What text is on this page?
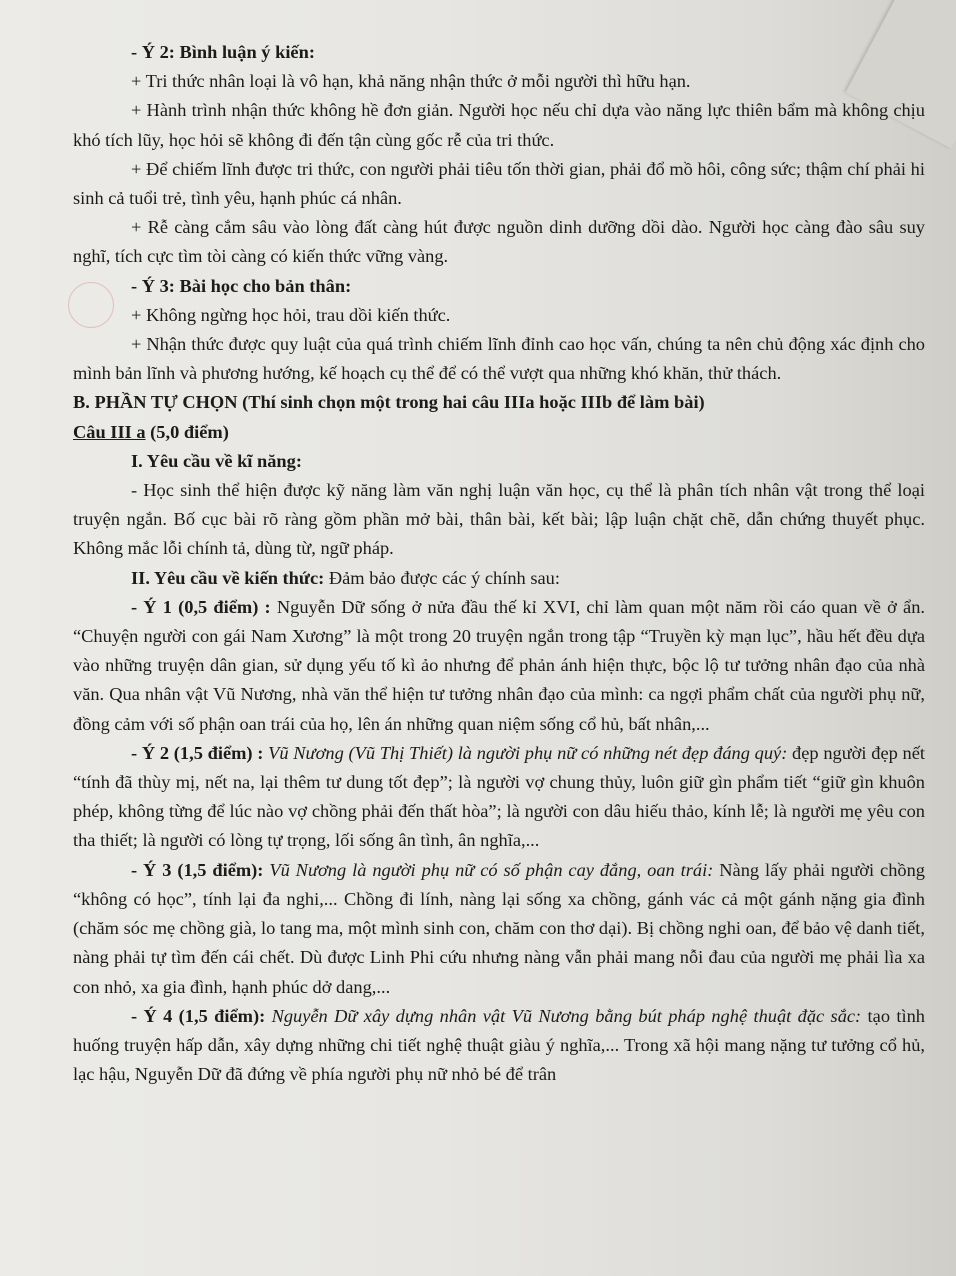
- Ý 2: Bình luận ý kiến:

+ Tri thức nhân loại là vô hạn, khả năng nhận thức ở mỗi người thì hữu hạn.

+ Hành trình nhận thức không hề đơn giản. Người học nếu chỉ dựa vào năng lực thiên bẩm mà không chịu khó tích lũy, học hỏi sẽ không đi đến tận cùng gốc rễ của tri thức.

+ Để chiếm lĩnh được tri thức, con người phải tiêu tốn thời gian, phải đổ mồ hôi, công sức; thậm chí phải hi sinh cả tuổi trẻ, tình yêu, hạnh phúc cá nhân.

+ Rễ càng cắm sâu vào lòng đất càng hút được nguồn dinh dưỡng dồi dào. Người học càng đào sâu suy nghĩ, tích cực tìm tòi càng có kiến thức vững vàng.

- Ý 3: Bài học cho bản thân:

+ Không ngừng học hỏi, trau dồi kiến thức.

+ Nhận thức được quy luật của quá trình chiếm lĩnh đỉnh cao học vấn, chúng ta nên chủ động xác định cho mình bản lĩnh và phương hướng, kế hoạch cụ thể để có thể vượt qua những khó khăn, thử thách.

B. PHẦN TỰ CHỌN (Thí sinh chọn một trong hai câu IIIa hoặc IIIb để làm bài)

Câu III a (5,0 điểm)

I. Yêu cầu về kĩ năng:

- Học sinh thể hiện được kỹ năng làm văn nghị luận văn học, cụ thể là phân tích nhân vật trong thể loại truyện ngắn. Bố cục bài rõ ràng gồm phần mở bài, thân bài, kết bài; lập luận chặt chẽ, dẫn chứng thuyết phục. Không mắc lỗi chính tả, dùng từ, ngữ pháp.

II. Yêu cầu về kiến thức: Đảm bảo được các ý chính sau:

- Ý 1 (0,5 điểm) : Nguyễn Dữ sống ở nửa đầu thế kỉ XVI, chỉ làm quan một năm rồi cáo quan về ở ẩn. “Chuyện người con gái Nam Xương” là một trong 20 truyện ngắn trong tập “Truyền kỳ mạn lục”, hầu hết đều dựa vào những truyện dân gian, sử dụng yếu tố kì ảo nhưng để phản ánh hiện thực, bộc lộ tư tưởng nhân đạo của nhà văn. Qua nhân vật Vũ Nương, nhà văn thể hiện tư tưởng nhân đạo của mình: ca ngợi phẩm chất của người phụ nữ, đồng cảm với số phận oan trái của họ, lên án những quan niệm sống cổ hủ, bất nhân,...

- Ý 2 (1,5 điểm) : Vũ Nương (Vũ Thị Thiết) là người phụ nữ có những nét đẹp đáng quý: đẹp người đẹp nết “tính đã thùy mị, nết na, lại thêm tư dung tốt đẹp”; là người vợ chung thủy, luôn giữ gìn phẩm tiết “giữ gìn khuôn phép, không từng để lúc nào vợ chồng phải đến thất hòa”; là người con dâu hiếu thảo, kính lễ; là người mẹ yêu con tha thiết; là người có lòng tự trọng, lối sống ân tình, ân nghĩa,...

- Ý 3 (1,5 điểm): Vũ Nương là người phụ nữ có số phận cay đắng, oan trái: Nàng lấy phải người chồng “không có học”, tính lại đa nghi,... Chồng đi lính, nàng lại sống xa chồng, gánh vác cả một gánh nặng gia đình (chăm sóc mẹ chồng già, lo tang ma, một mình sinh con, chăm con thơ dại). Bị chồng nghi oan, để bảo vệ danh tiết, nàng phải tự tìm đến cái chết. Dù được Linh Phi cứu nhưng nàng vẫn phải mang nỗi đau của người mẹ phải lìa xa con nhỏ, xa gia đình, hạnh phúc dở dang,...

- Ý 4 (1,5 điểm): Nguyễn Dữ xây dựng nhân vật Vũ Nương bằng bút pháp nghệ thuật đặc sắc: tạo tình huống truyện hấp dẫn, xây dựng những chi tiết nghệ thuật giàu ý nghĩa,... Trong xã hội mang nặng tư tưởng cổ hủ, lạc hậu, Nguyễn Dữ đã đứng về phía người phụ nữ nhỏ bé để trân
